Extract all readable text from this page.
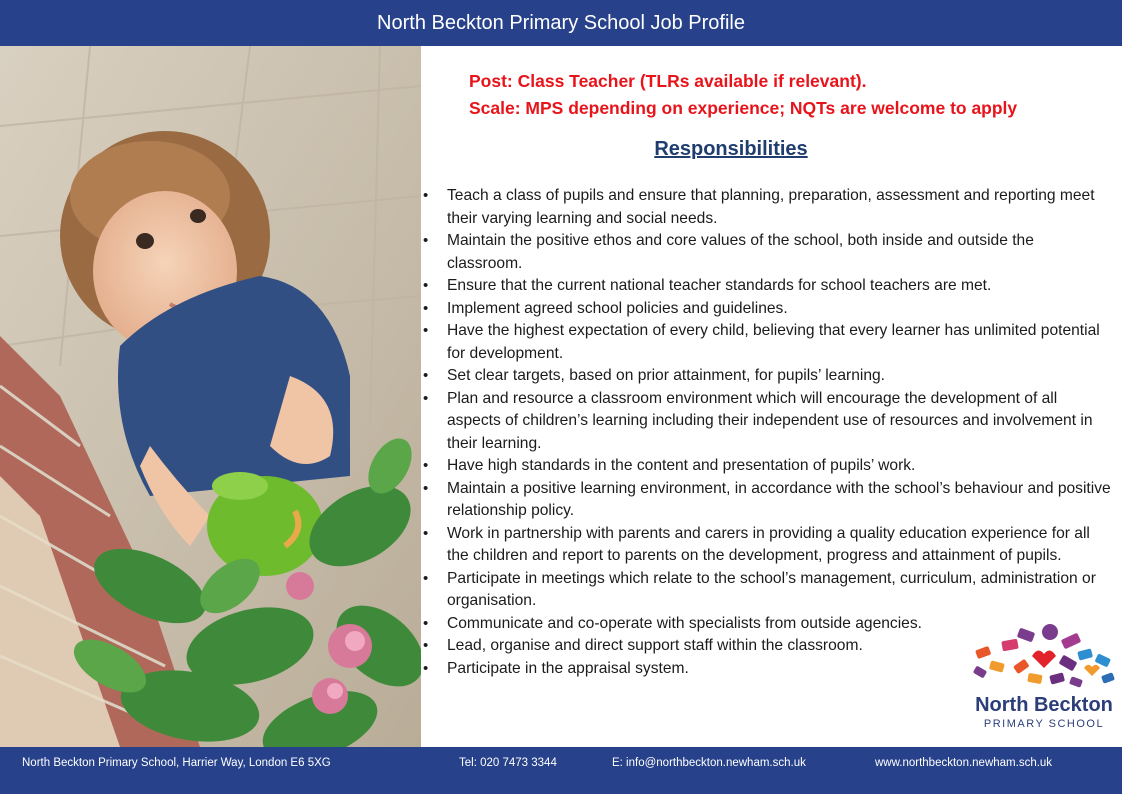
North Beckton Primary School Job Profile
Post: Class Teacher (TLRs available if relevant).
Scale: MPS depending on experience; NQTs are welcome to apply
Responsibilities
• Teach a class of pupils and ensure that planning, preparation, assessment and reporting meet their varying learning and social needs.
• Maintain the positive ethos and core values of the school, both inside and outside the classroom.
• Ensure that the current national teacher standards for school teachers are met.
• Implement agreed school policies and guidelines.
• Have the highest expectation of every child, believing that every learner has unlimited potential for development.
• Set clear targets, based on prior attainment, for pupils’ learning.
• Plan and resource a classroom environment which will encourage the development of all aspects of children’s learning including their independent use of resources and involvement in their learning.
• Have high standards in the content and presentation of pupils’ work.
• Maintain a positive learning environment, in accordance with the school’s behaviour and positive relationship policy.
• Work in partnership with parents and carers in providing a quality education experience for all the children and report to parents on the development, progress and attainment of pupils.
• Participate in meetings which relate to the school’s management, curriculum, administration or organisation.
• Communicate and co-operate with specialists from outside agencies.
• Lead, organise and direct support staff within the classroom.
• Participate in the appraisal system.
North Beckton
PRIMARY SCHOOL
North Beckton Primary School, Harrier Way, London E6 5XG	Tel: 020 7473 3344	E: info@northbeckton.newham.sch.uk	www.northbeckton.newham.sch.uk
